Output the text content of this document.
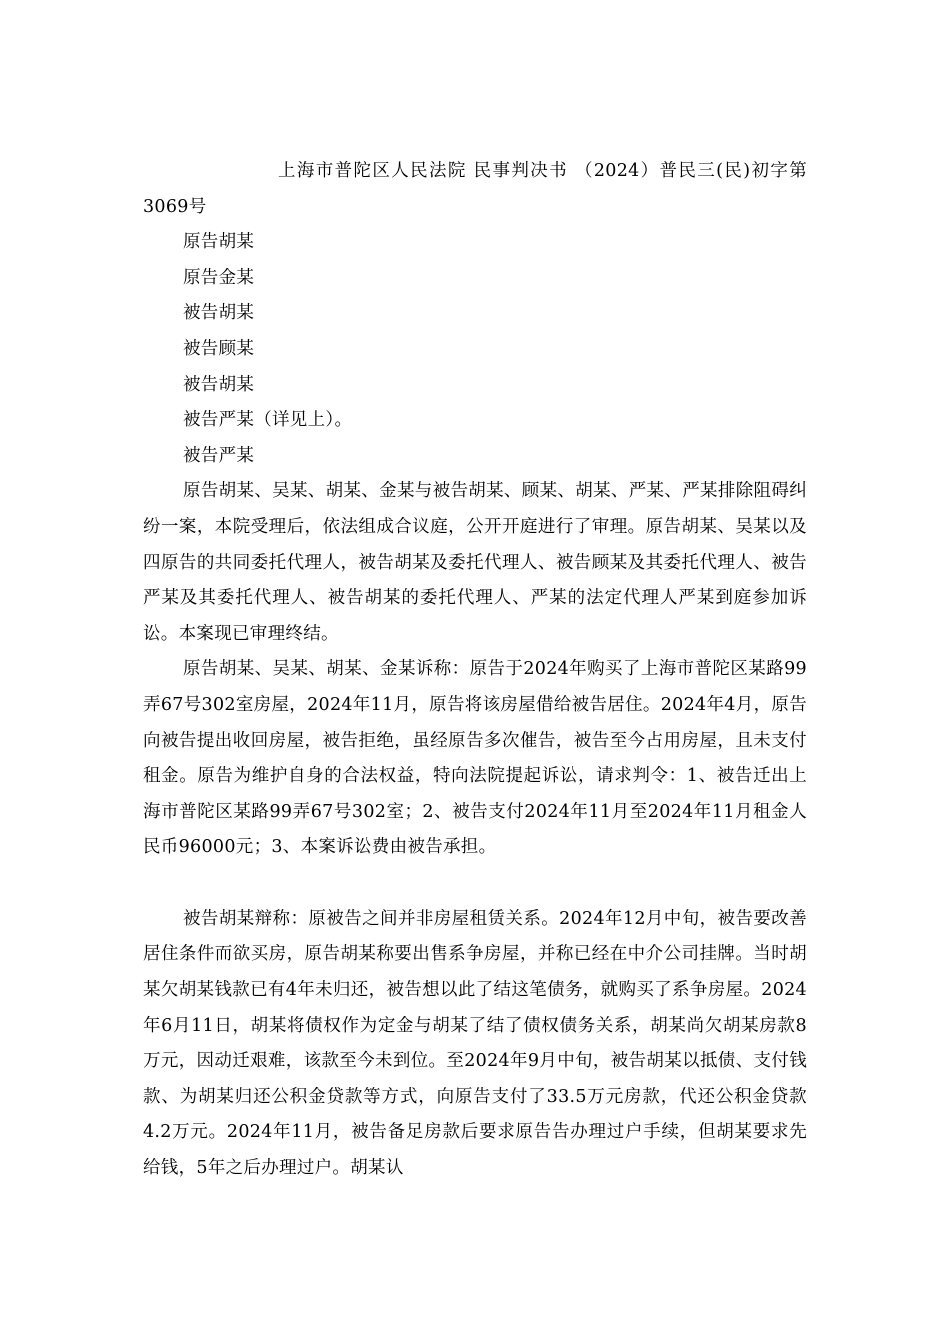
上海市普陀区人民法院 民事判决书 （2024）普民三(民)初字第3069号

原告胡某

原告金某

被告胡某

被告顾某

被告胡某

被告严某（详见上）。

被告严某

原告胡某、吴某、胡某、金某与被告胡某、顾某、胡某、严某、严某排除阻碍纠纷一案，本院受理后，依法组成合议庭，公开开庭进行了审理。原告胡某、吴某以及四原告的共同委托代理人，被告胡某及委托代理人、被告顾某及其委托代理人、被告严某及其委托代理人、被告胡某的委托代理人、严某的法定代理人严某到庭参加诉讼。本案现已审理终结。

原告胡某、吴某、胡某、金某诉称：原告于2024年购买了上海市普陀区某路99弄67号302室房屋，2024年11月，原告将该房屋借给被告居住。2024年4月，原告向被告提出收回房屋，被告拒绝，虽经原告多次催告，被告至今占用房屋，且未支付租金。原告为维护自身的合法权益，特向法院提起诉讼，请求判令：1、被告迁出上海市普陀区某路99弄67号302室；2、被告支付2024年11月至2024年11月租金人民币96000元；3、本案诉讼费由被告承担。

被告胡某辩称：原被告之间并非房屋租赁关系。2024年12月中旬，被告要改善居住条件而欲买房，原告胡某称要出售系争房屋，并称已经在中介公司挂牌。当时胡某欠胡某钱款已有4年未归还，被告想以此了结这笔债务，就购买了系争房屋。2024年6月11日，胡某将债权作为定金与胡某了结了债权债务关系，胡某尚欠胡某房款8万元，因动迁艰难，该款至今未到位。至2024年9月中旬，被告胡某以抵债、支付钱款、为胡某归还公积金贷款等方式，向原告支付了33.5万元房款，代还公积金贷款4.2万元。2024年11月，被告备足房款后要求原告告办理过户手续，但胡某要求先给钱，5年之后办理过户。胡某认
